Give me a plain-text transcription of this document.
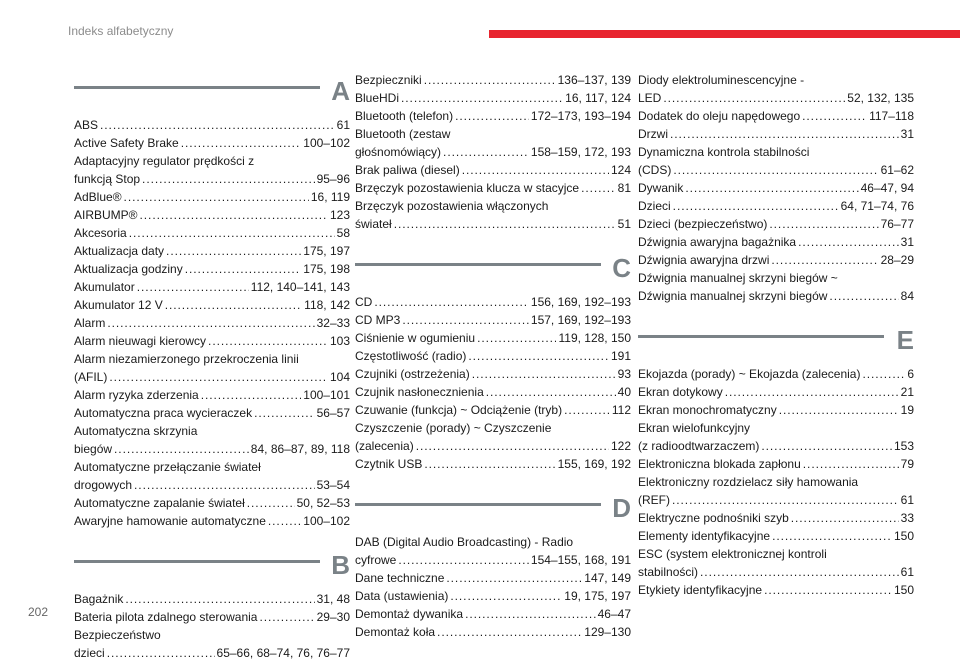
Indeks alfabetyczny
A
ABS . . .	61
Active Safety Brake . . .	100–102
Adaptacyjny regulator prędkości z
funkcją Stop . . .	95–96
AdBlue® . . .	16, 119
AIRBUMP® . . .	123
Akcesoria . . .	58
Aktualizacja daty . . .	175, 197
Aktualizacja godziny . . .	175, 198
Akumulator . . .	112, 140–141, 143
Akumulator 12 V . . .	118, 142
Alarm . . .	32–33
Alarm nieuwagi kierowcy . . .	103
Alarm niezamierzonego przekroczenia linii
(AFIL) . . .	104
Alarm ryzyka zderzenia . . .	100–101
Automatyczna praca wycieraczek . . .	56–57
Automatyczna skrzynia
biegów . . .	84, 86–87, 89, 118
Automatyczne przełączanie świateł
drogowych . . .	53–54
Automatyczne zapalanie świateł . . .	50, 52–53
Awaryjne hamowanie automatyczne . . .	100–102
B
Bagażnik . . .	31, 48
Bateria pilota zdalnego sterowania . . .	29–30
Bezpieczeństwo
dzieci . . .	65–66, 68–74, 76, 76–77
Bezpieczniki . . .	136–137, 139
BlueHDi . . .	16, 117, 124
Bluetooth (telefon) . . .	172–173, 193–194
Bluetooth (zestaw
głośnomówiący) . . .	158–159, 172, 193
Brak paliwa (diesel) . . .	124
Brzęczyk pozostawienia klucza w stacyjce . . .	81
Brzęczyk pozostawienia włączonych
świateł . . .	51
C
CD . . .	156, 169, 192–193
CD MP3 . . .	157, 169, 192–193
Ciśnienie w ogumieniu . . .	119, 128, 150
Częstotliwość (radio) . . .	191
Czujniki (ostrzeżenia) . . .	93
Czujnik nasłonecznienia . . .	40
Czuwanie (funkcja) ~ Odciążenie (tryb) . . .	112
Czyszczenie (porady) ~ Czyszczenie
(zalecenia) . . .	122
Czytnik USB . . .	155, 169, 192
D
DAB (Digital Audio Broadcasting) - Radio
cyfrowe . . .	154–155, 168, 191
Dane techniczne . . .	147, 149
Data (ustawienia) . . .	19, 175, 197
Demontaż dywanika . . .	46–47
Demontaż koła . . .	129–130
Diody elektroluminescencyjne -
LED . . .	52, 132, 135
Dodatek do oleju napędowego . . .	117–118
Drzwi . . .	31
Dynamiczna kontrola stabilności
(CDS) . . .	61–62
Dywanik . . .	46–47, 94
Dzieci . . .	64, 71–74, 76
Dzieci (bezpieczeństwo) . . .	76–77
Dźwignia awaryjna bagażnika . . .	31
Dźwignia awaryjna drzwi . . .	28–29
Dźwignia manualnej skrzyni biegów ~
Dźwignia manualnej skrzyni biegów . . .	84
E
Ekojazda (porady) ~ Ekojazda (zalecenia) . . .	6
Ekran dotykowy . . .	21
Ekran monochromatyczny . . .	19
Ekran wielofunkcyjny
(z radioodtwarzaczem) . . .	153
Elektroniczna blokada zapłonu . . .	79
Elektroniczny rozdzielacz siły hamowania
(REF) . . .	61
Elektryczne podnośniki szyb . . .	33
Elementy identyfikacyjne . . .	150
ESC (system elektronicznej kontroli
stabilności) . . .	61
Etykiety identyfikacyjne . . .	150
202
